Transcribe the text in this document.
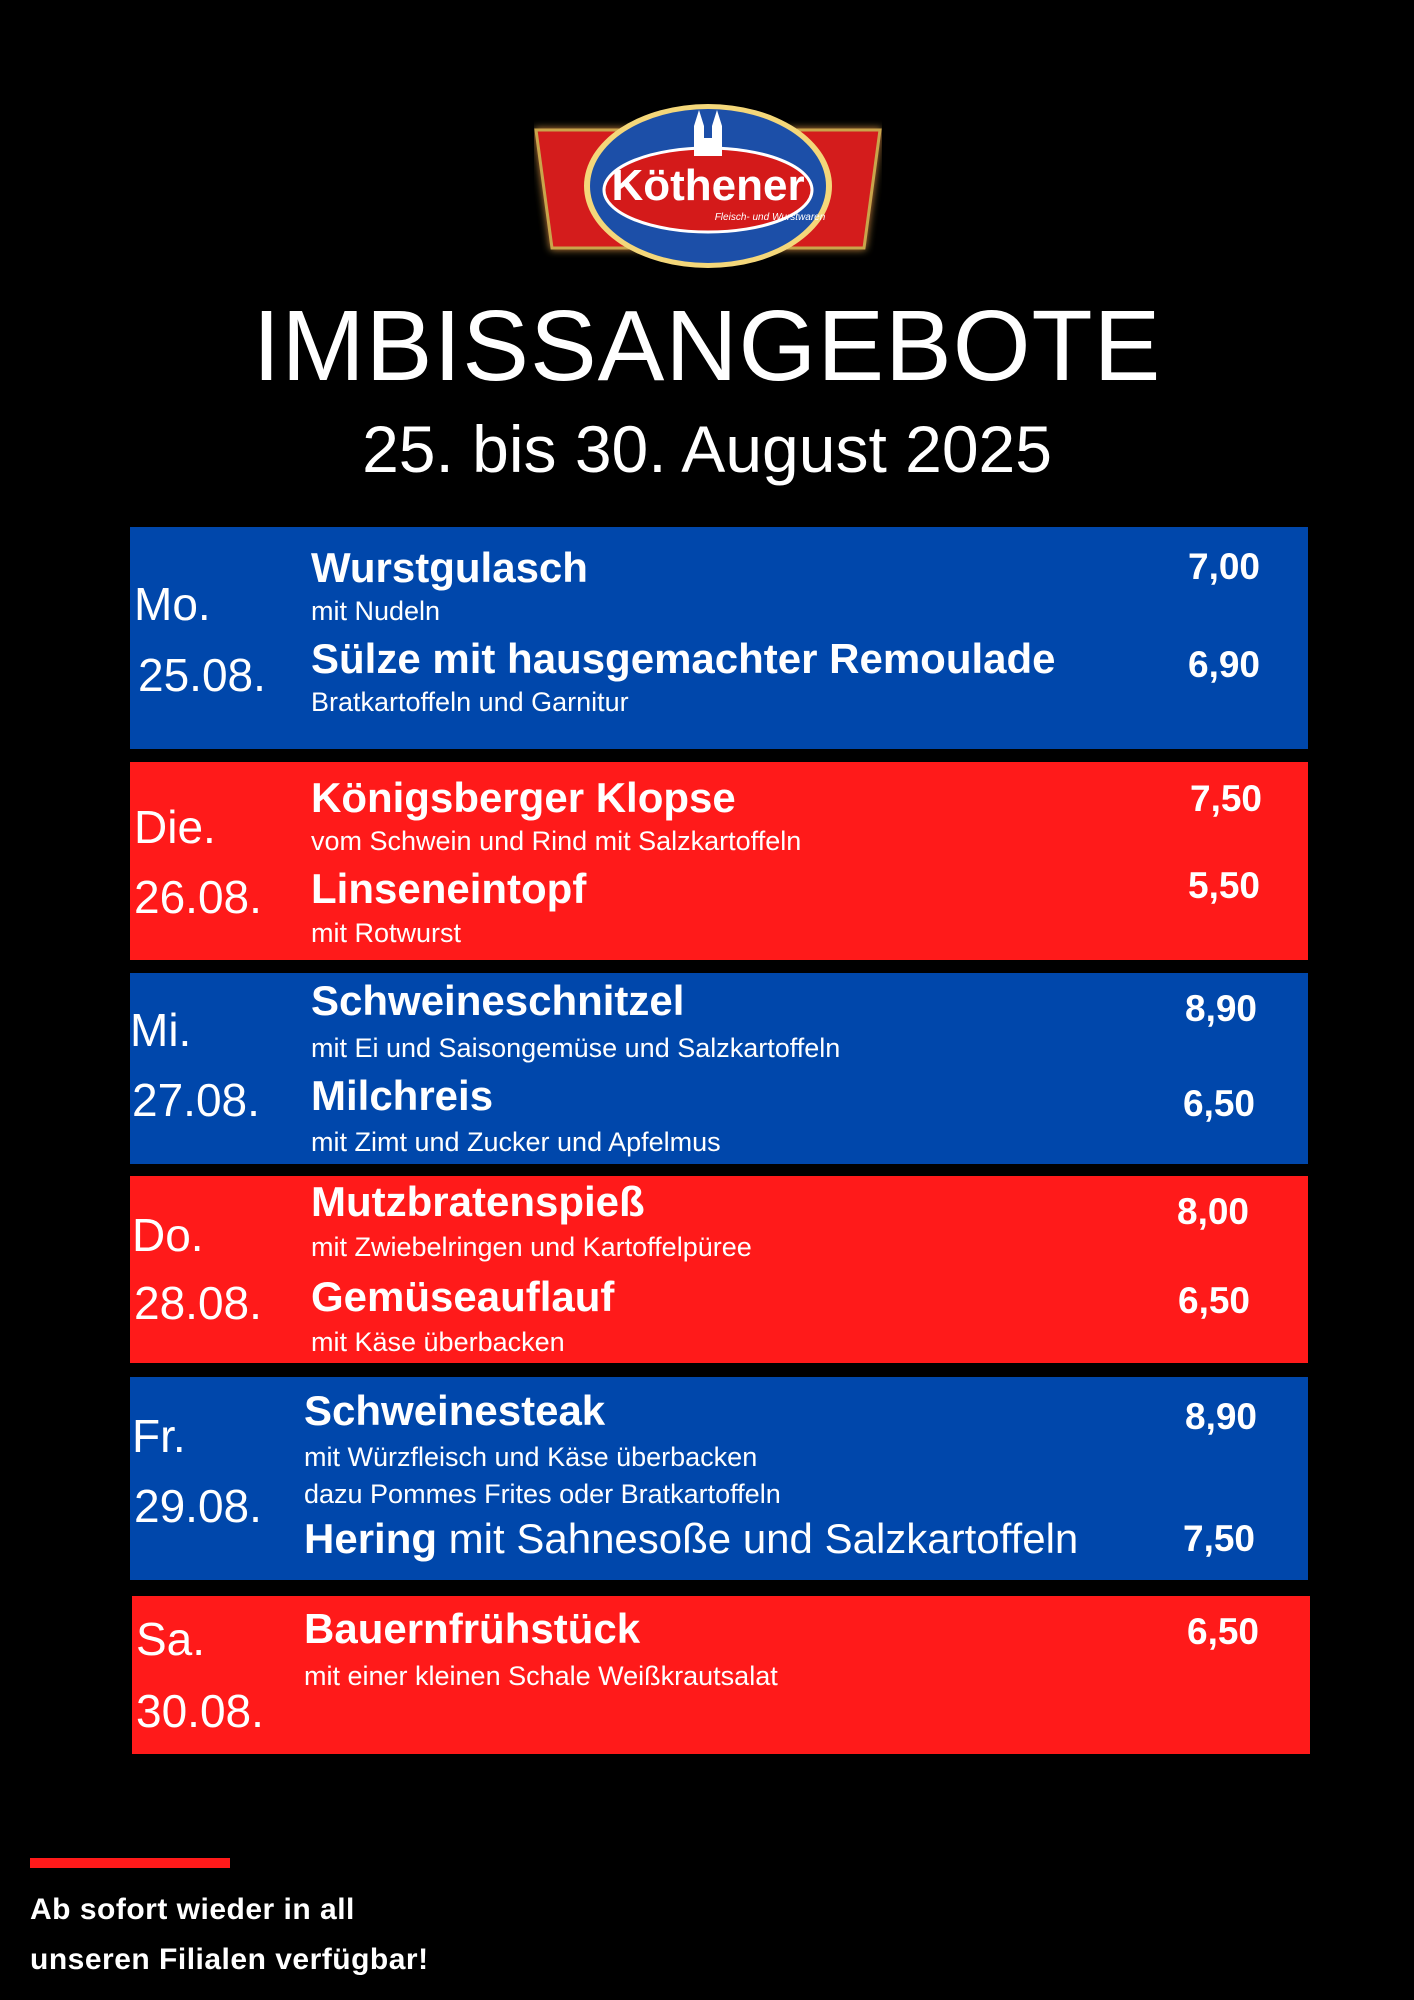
Köthener
Fleisch- und Wurstwaren
IMBISSANGEBOTE
25. bis 30. August 2025
Mo.
25.08.
Wurstgulasch
mit Nudeln
7,00
Sülze mit hausgemachter Remoulade
Bratkartoffeln und Garnitur
6,90
Die.
26.08.
Königsberger Klopse
vom Schwein und Rind mit Salzkartoffeln
7,50
Linseneintopf
mit Rotwurst
5,50
Mi.
27.08.
Schweineschnitzel
mit Ei und Saisongemüse und Salzkartoffeln
8,90
Milchreis
mit Zimt und Zucker und Apfelmus
6,50
Do.
28.08.
Mutzbratenspieß
mit Zwiebelringen und Kartoffelpüree
8,00
Gemüseauflauf
mit Käse überbacken
6,50
Fr.
29.08.
Schweinesteak
mit Würzfleisch und Käse überbacken
dazu Pommes Frites oder Bratkartoffeln
8,90
Hering mit Sahnesoße und Salzkartoffeln	7,50
Sa.
30.08.
Bauernfrühstück
mit einer kleinen Schale Weißkrautsalat
6,50
Ab sofort wieder in all
unseren Filialen verfügbar!
